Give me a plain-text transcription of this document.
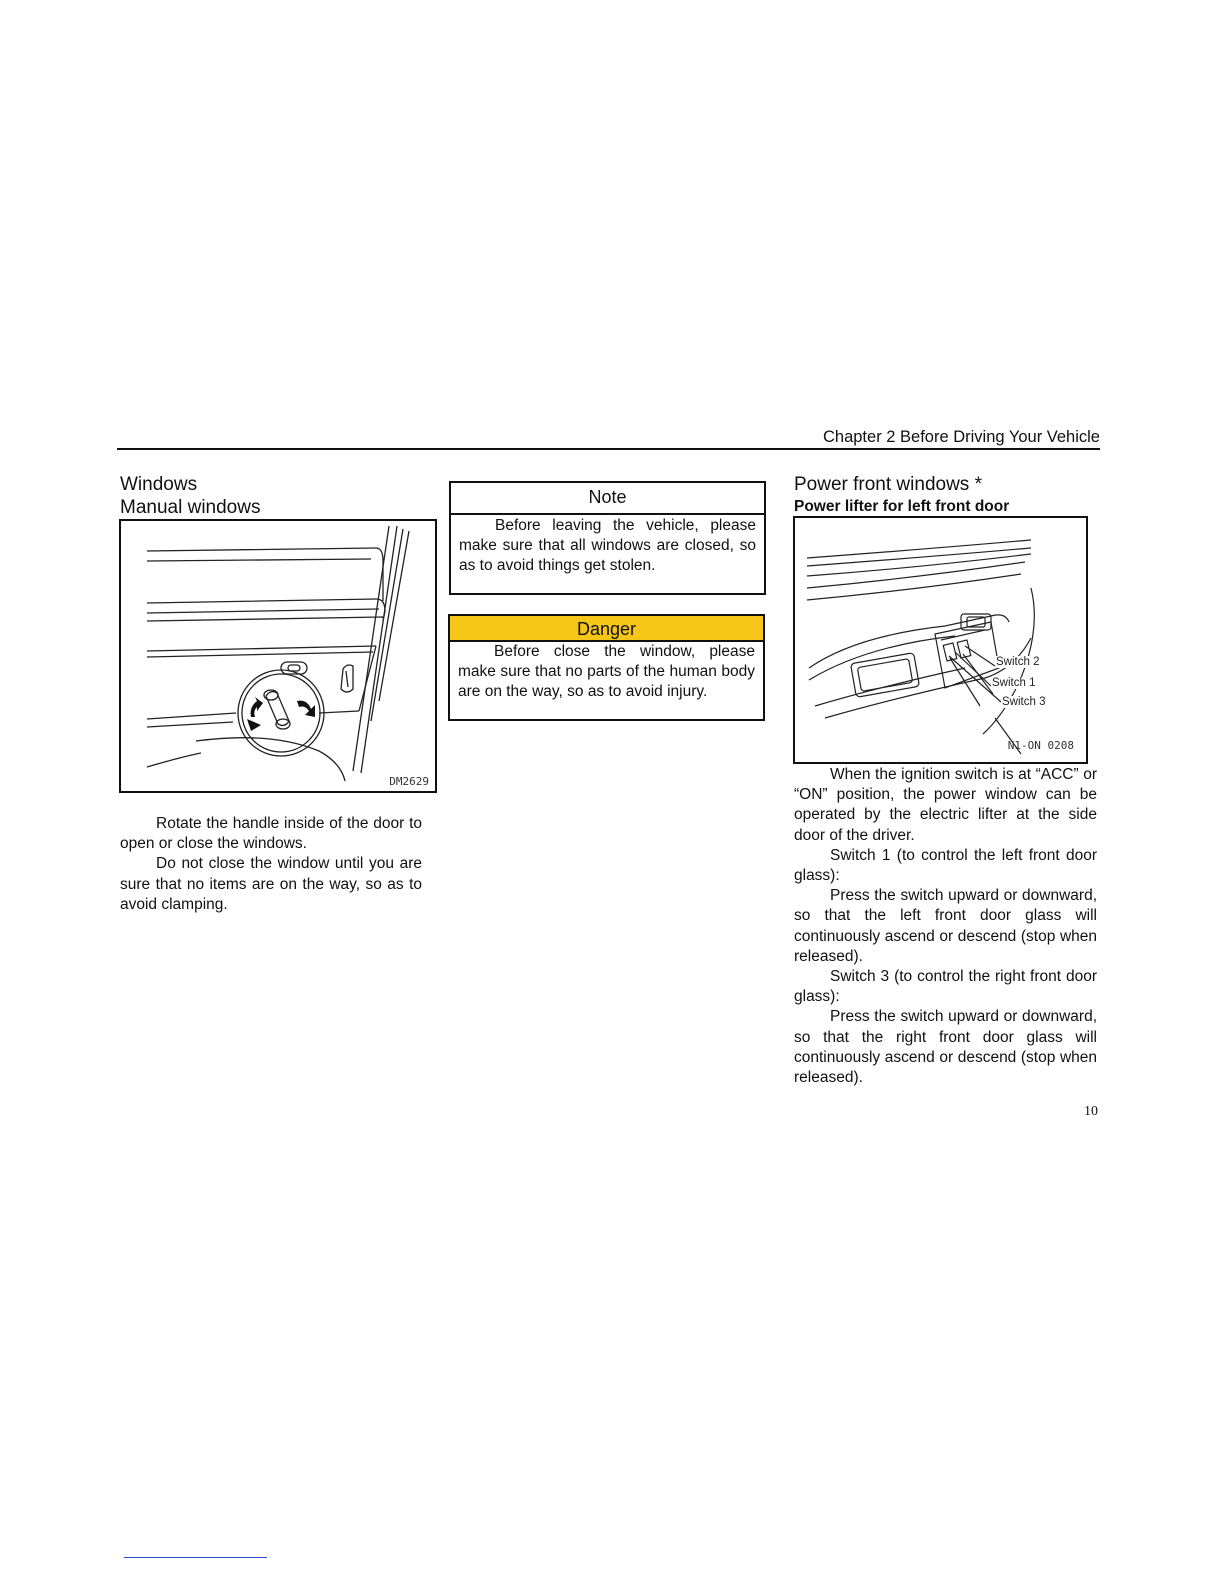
Chapter 2 Before Driving Your Vehicle
Windows
Manual windows
DM2629

Rotate the handle inside of the door to open or close the windows.

Do not close the window until you are sure that no items are on the way, so as to avoid clamping.

Note
Before leaving the vehicle, please make sure that all windows are closed, so as to avoid things get stolen.
Danger
Before close the window, please make sure that no parts of the human body are on the way, so as to avoid injury.
Power front windows *
Power lifter for left front door
Switch 2
Switch 1
Switch 3
N1-ON 0208

When the ignition switch is at “ACC” or “ON” position, the power window can be operated by the electric lifter at the side door of the driver.

Switch 1 (to control the left front door glass):

Press the switch upward or downward, so that the left front door glass will continuously ascend or descend (stop when released).

Switch 3 (to control the right front door glass):

Press the switch upward or downward, so that the right front door glass will continuously ascend or descend (stop when released).

10
